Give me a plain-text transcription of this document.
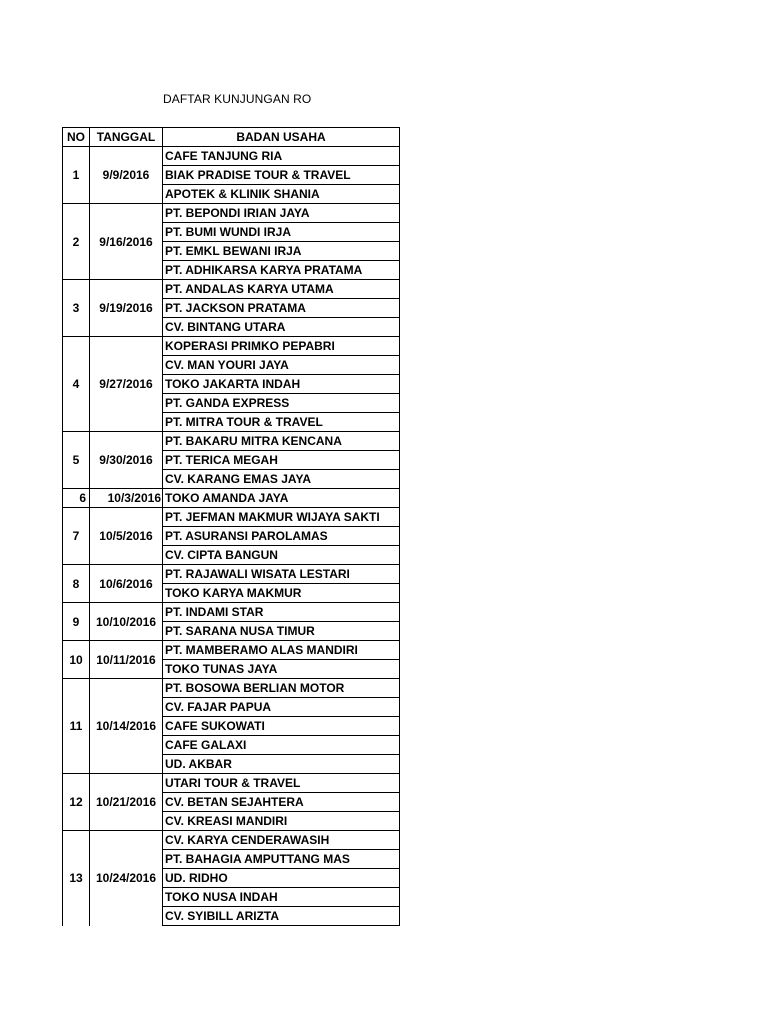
DAFTAR KUNJUNGAN RO
NO	TANGGAL	BADAN USAHA
1	9/9/2016	CAFE TANJUNG RIA
		BIAK PRADISE TOUR & TRAVEL
		APOTEK & KLINIK SHANIA
2	9/16/2016	PT. BEPONDI IRIAN JAYA
		PT. BUMI WUNDI IRJA
		PT. EMKL BEWANI IRJA
		PT. ADHIKARSA KARYA PRATAMA
3	9/19/2016	PT. ANDALAS KARYA UTAMA
		PT. JACKSON PRATAMA
		CV. BINTANG UTARA
4	9/27/2016	KOPERASI PRIMKO PEPABRI
		CV. MAN YOURI JAYA
		TOKO JAKARTA INDAH
		PT. GANDA EXPRESS
		PT. MITRA TOUR & TRAVEL
5	9/30/2016	PT. BAKARU MITRA KENCANA
		PT. TERICA MEGAH
		CV. KARANG EMAS JAYA
6	10/3/2016	TOKO AMANDA JAYA
7	10/5/2016	PT. JEFMAN MAKMUR WIJAYA SAKTI
		PT. ASURANSI PAROLAMAS
		CV. CIPTA BANGUN
8	10/6/2016	PT. RAJAWALI WISATA LESTARI
		TOKO KARYA MAKMUR
9	10/10/2016	PT. INDAMI STAR
		PT. SARANA NUSA TIMUR
10	10/11/2016	PT. MAMBERAMO ALAS MANDIRI
		TOKO TUNAS JAYA
11	10/14/2016	PT. BOSOWA BERLIAN MOTOR
		CV. FAJAR PAPUA
		CAFE SUKOWATI
		CAFE GALAXI
		UD. AKBAR
12	10/21/2016	UTARI TOUR & TRAVEL
		CV. BETAN SEJAHTERA
		CV. KREASI MANDIRI
13	10/24/2016	CV. KARYA CENDERAWASIH
		PT. BAHAGIA AMPUTTANG MAS
		UD. RIDHO
		TOKO NUSA INDAH
		CV. SYIBILL ARIZTA
